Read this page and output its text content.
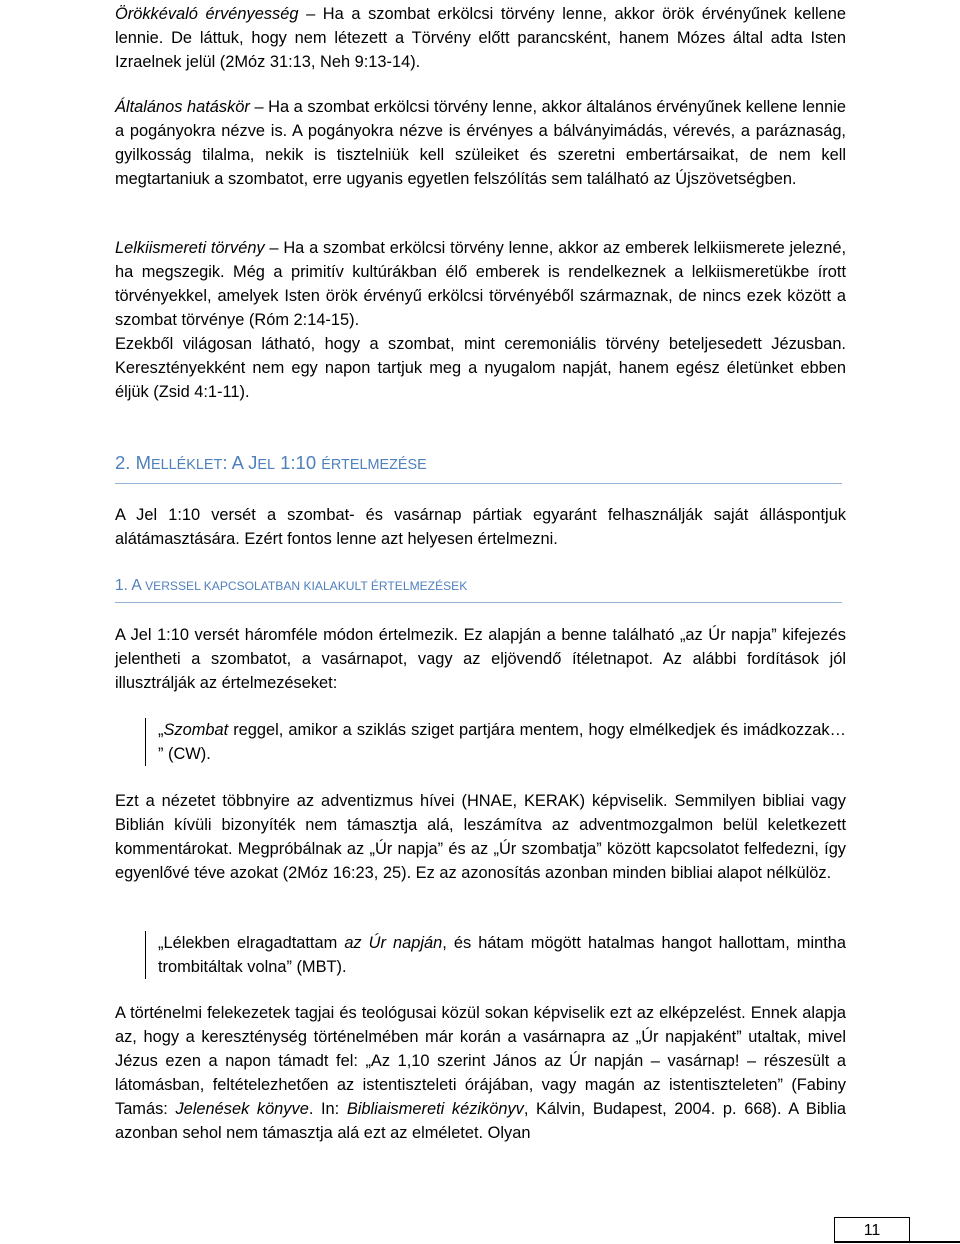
Örökkévaló érvényesség – Ha a szombat erkölcsi törvény lenne, akkor örök érvényűnek kellene lennie. De láttuk, hogy nem létezett a Törvény előtt parancsként, hanem Mózes által adta Isten Izraelnek jelül (2Móz 31:13, Neh 9:13-14).

Általános hatáskör – Ha a szombat erkölcsi törvény lenne, akkor általános érvényűnek kellene lennie a pogányokra nézve is. A pogányokra nézve is érvényes a bálványimádás, vérevés, a paráznaság, gyilkosság tilalma, nekik is tisztelniük kell szüleiket és szeretni embertársaikat, de nem kell megtartaniuk a szombatot, erre ugyanis egyetlen felszólítás sem található az Újszövetségben.

Lelkiismereti törvény – Ha a szombat erkölcsi törvény lenne, akkor az emberek lelkiismerete jelezné, ha megszegik. Még a primitív kultúrákban élő emberek is rendelkeznek a lelkiismeretükbe írott törvényekkel, amelyek Isten örök érvényű erkölcsi törvényéből származnak, de nincs ezek között a szombat törvénye (Róm 2:14-15).

Ezekből világosan látható, hogy a szombat, mint ceremoniális törvény beteljesedett Jézusban. Keresztényekként nem egy napon tartjuk meg a nyugalom napját, hanem egész életünket ebben éljük (Zsid 4:1-11).

2. MELLÉKLET: A JEL 1:10 ÉRTELMEZÉSE

A Jel 1:10 versét a szombat- és vasárnap pártiak egyaránt felhasználják saját álláspontjuk alátámasztására. Ezért fontos lenne azt helyesen értelmezni.

1. A VERSSEL KAPCSOLATBAN KIALAKULT ÉRTELMEZÉSEK

A Jel 1:10 versét háromféle módon értelmezik. Ez alapján a benne található „az Úr napja” kifejezés jelentheti a szombatot, a vasárnapot, vagy az eljövendő ítéletnapot. Az alábbi fordítások jól illusztrálják az értelmezéseket:

„Szombat reggel, amikor a sziklás sziget partjára mentem, hogy elmélkedjek és imádkozzak… ” (CW).

Ezt a nézetet többnyire az adventizmus hívei (HNAE, KERAK) képviselik. Semmilyen bibliai vagy Biblián kívüli bizonyíték nem támasztja alá, leszámítva az adventmozgalmon belül keletkezett kommentárokat. Megpróbálnak az „Úr napja” és az „Úr szombatja” között kapcsolatot felfedezni, így egyenlővé téve azokat (2Móz 16:23, 25). Ez az azonosítás azonban minden bibliai alapot nélkülöz.

„Lélekben elragadtattam az Úr napján, és hátam mögött hatalmas hangot hallottam, mintha trombitáltak volna” (MBT).

A történelmi felekezetek tagjai és teológusai közül sokan képviselik ezt az elképzelést. Ennek alapja az, hogy a kereszténység történelmében már korán a vasárnapra az „Úr napjaként” utaltak, mivel Jézus ezen a napon támadt fel: „Az 1,10 szerint János az Úr napján – vasárnap! – részesült a látomásban, feltételezhetően az istentiszteleti órájában, vagy magán az istentiszteleten” (Fabiny Tamás: Jelenések könyve. In: Bibliaismereti kézikönyv, Kálvin, Budapest, 2004. p. 668). A Biblia azonban sehol nem támasztja alá ezt az elméletet. Olyan

11
